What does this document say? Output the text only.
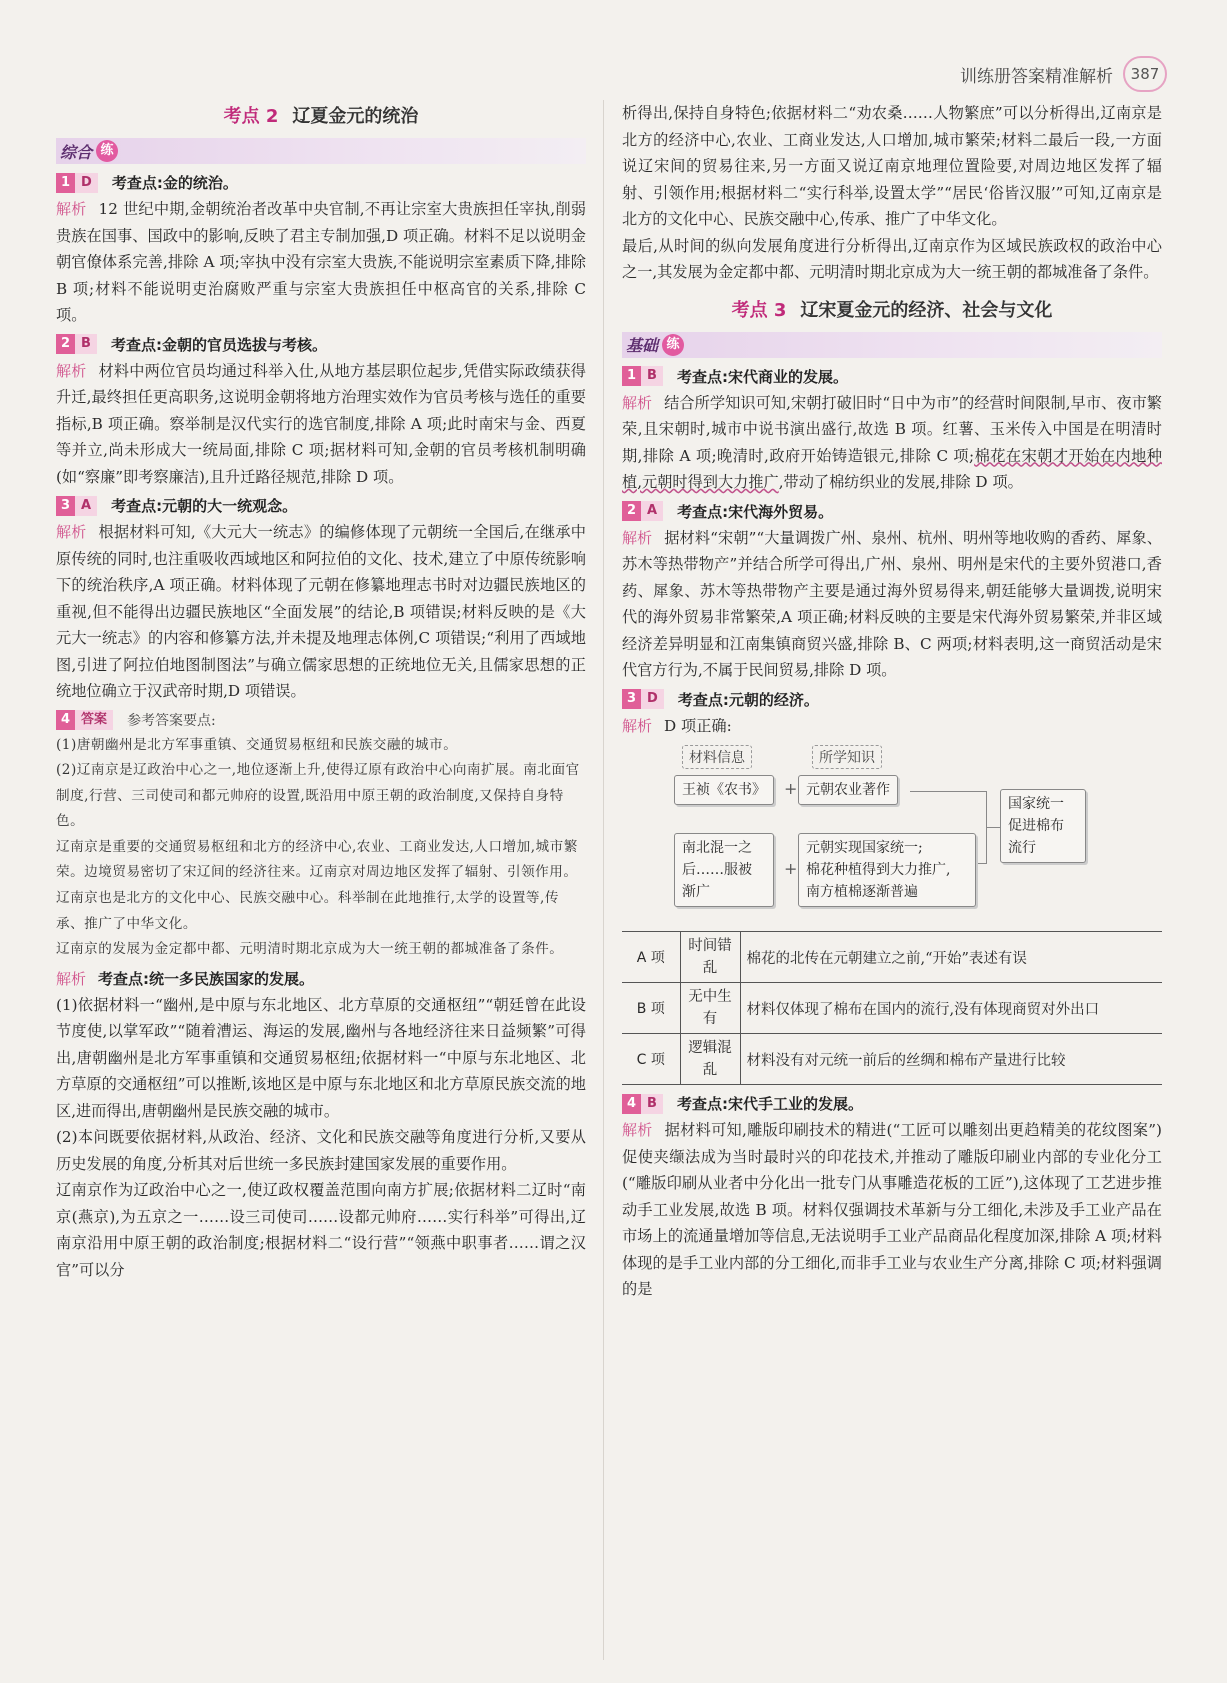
训练册答案精准解析	387
考点 2 辽夏金元的统治
综合 练
1 D	考查点:金的统治。

解析 12 世纪中期,金朝统治者改革中央官制,不再让宗室大贵族担任宰执,削弱贵族在国事、国政中的影响,反映了君主专制加强,D 项正确。材料不足以说明金朝官僚体系完善,排除 A 项;宰执中没有宗室大贵族,不能说明宗室素质下降,排除 B 项;材料不能说明吏治腐败严重与宗室大贵族担任中枢高官的关系,排除 C 项。

2 B	考查点:金朝的官员选拔与考核。

解析 材料中两位官员均通过科举入仕,从地方基层职位起步,凭借实际政绩获得升迁,最终担任更高职务,这说明金朝将地方治理实效作为官员考核与选任的重要指标,B 项正确。察举制是汉代实行的选官制度,排除 A 项;此时南宋与金、西夏等并立,尚未形成大一统局面,排除 C 项;据材料可知,金朝的官员考核机制明确(如“察廉”即考察廉洁),且升迁路径规范,排除 D 项。

3 A	考查点:元朝的大一统观念。

解析 根据材料可知,《大元大一统志》的编修体现了元朝统一全国后,在继承中原传统的同时,也注重吸收西域地区和阿拉伯的文化、技术,建立了中原传统影响下的统治秩序,A 项正确。材料体现了元朝在修纂地理志书时对边疆民族地区的重视,但不能得出边疆民族地区“全面发展”的结论,B 项错误;材料反映的是《大元大一统志》的内容和修纂方法,并未提及地理志体例,C 项错误;“利用了西域地图,引进了阿拉伯地图制图法”与确立儒家思想的正统地位无关,且儒家思想的正统地位确立于汉武帝时期,D 项错误。

4 答案	参考答案要点:

(1)唐朝幽州是北方军事重镇、交通贸易枢纽和民族交融的城市。

(2)辽南京是辽政治中心之一,地位逐渐上升,使得辽原有政治中心向南扩展。南北面官制度,行营、三司使司和都元帅府的设置,既沿用中原王朝的政治制度,又保持自身特色。

辽南京是重要的交通贸易枢纽和北方的经济中心,农业、工商业发达,人口增加,城市繁荣。边境贸易密切了宋辽间的经济往来。辽南京对周边地区发挥了辐射、引领作用。

辽南京也是北方的文化中心、民族交融中心。科举制在此地推行,太学的设置等,传承、推广了中华文化。

辽南京的发展为金定都中都、元明清时期北京成为大一统王朝的都城准备了条件。

解析 考查点:统一多民族国家的发展。

(1)依据材料一“幽州,是中原与东北地区、北方草原的交通枢纽”“朝廷曾在此设节度使,以掌军政”“随着漕运、海运的发展,幽州与各地经济往来日益频繁”可得出,唐朝幽州是北方军事重镇和交通贸易枢纽;依据材料一“中原与东北地区、北方草原的交通枢纽”可以推断,该地区是中原与东北地区和北方草原民族交流的地区,进而得出,唐朝幽州是民族交融的城市。

(2)本问既要依据材料,从政治、经济、文化和民族交融等角度进行分析,又要从历史发展的角度,分析其对后世统一多民族封建国家发展的重要作用。

辽南京作为辽政治中心之一,使辽政权覆盖范围向南方扩展;依据材料二辽时“南京(燕京),为五京之一……设三司使司……设都元帅府……实行科举”可得出,辽南京沿用中原王朝的政治制度;根据材料二“设行营”“领燕中职事者……谓之汉官”可以分

析得出,保持自身特色;依据材料二“劝农桑……人物繁庶”可以分析得出,辽南京是北方的经济中心,农业、工商业发达,人口增加,城市繁荣;材料二最后一段,一方面说辽宋间的贸易往来,另一方面又说辽南京地理位置险要,对周边地区发挥了辐射、引领作用;根据材料二“实行科举,设置太学”“居民‘俗皆汉服’”可知,辽南京是北方的文化中心、民族交融中心,传承、推广了中华文化。

最后,从时间的纵向发展角度进行分析得出,辽南京作为区域民族政权的政治中心之一,其发展为金定都中都、元明清时期北京成为大一统王朝的都城准备了条件。

考点 3 辽宋夏金元的经济、社会与文化
基础 练
1 B	考查点:宋代商业的发展。

解析 结合所学知识可知,宋朝打破旧时“日中为市”的经营时间限制,早市、夜市繁荣,且宋朝时,城市中说书演出盛行,故选 B 项。红薯、玉米传入中国是在明清时期,排除 A 项;晚清时,政府开始铸造银元,排除 C 项;棉花在宋朝才开始在内地种植,元朝时得到大力推广,带动了棉纺织业的发展,排除 D 项。

2 A	考查点:宋代海外贸易。

解析 据材料“宋朝”“大量调拨广州、泉州、杭州、明州等地收购的香药、犀象、苏木等热带物产”并结合所学可得出,广州、泉州、明州是宋代的主要外贸港口,香药、犀象、苏木等热带物产主要是通过海外贸易得来,朝廷能够大量调拨,说明宋代的海外贸易非常繁荣,A 项正确;材料反映的主要是宋代海外贸易繁荣,并非区域经济差异明显和江南集镇商贸兴盛,排除 B、C 两项;材料表明,这一商贸活动是宋代官方行为,不属于民间贸易,排除 D 项。

3 D	考查点:元朝的经济。

解析 D 项正确:

材料信息	所学知识
王祯《农书》	+ 元朝农业著作
南北混一之
后……服被
渐广
+
元朝实现国家统一;
棉花种植得到大力推广,
南方植棉逐渐普遍
国家统一
促进棉布
流行
A 项	时间错乱	棉花的北传在元朝建立之前,“开始”表述有误
B 项	无中生有	材料仅体现了棉布在国内的流行,没有体现商贸对外出口
C 项	逻辑混乱	材料没有对元统一前后的丝绸和棉布产量进行比较
4 B	考查点:宋代手工业的发展。

解析 据材料可知,雕版印刷技术的精进(“工匠可以雕刻出更趋精美的花纹图案”)促使夹缬法成为当时最时兴的印花技术,并推动了雕版印刷业内部的专业化分工(“雕版印刷从业者中分化出一批专门从事雕造花板的工匠”),这体现了工艺进步推动手工业发展,故选 B 项。材料仅强调技术革新与分工细化,未涉及手工业产品在市场上的流通量增加等信息,无法说明手工业产品商品化程度加深,排除 A 项;材料体现的是手工业内部的分工细化,而非手工业与农业生产分离,排除 C 项;材料强调的是
